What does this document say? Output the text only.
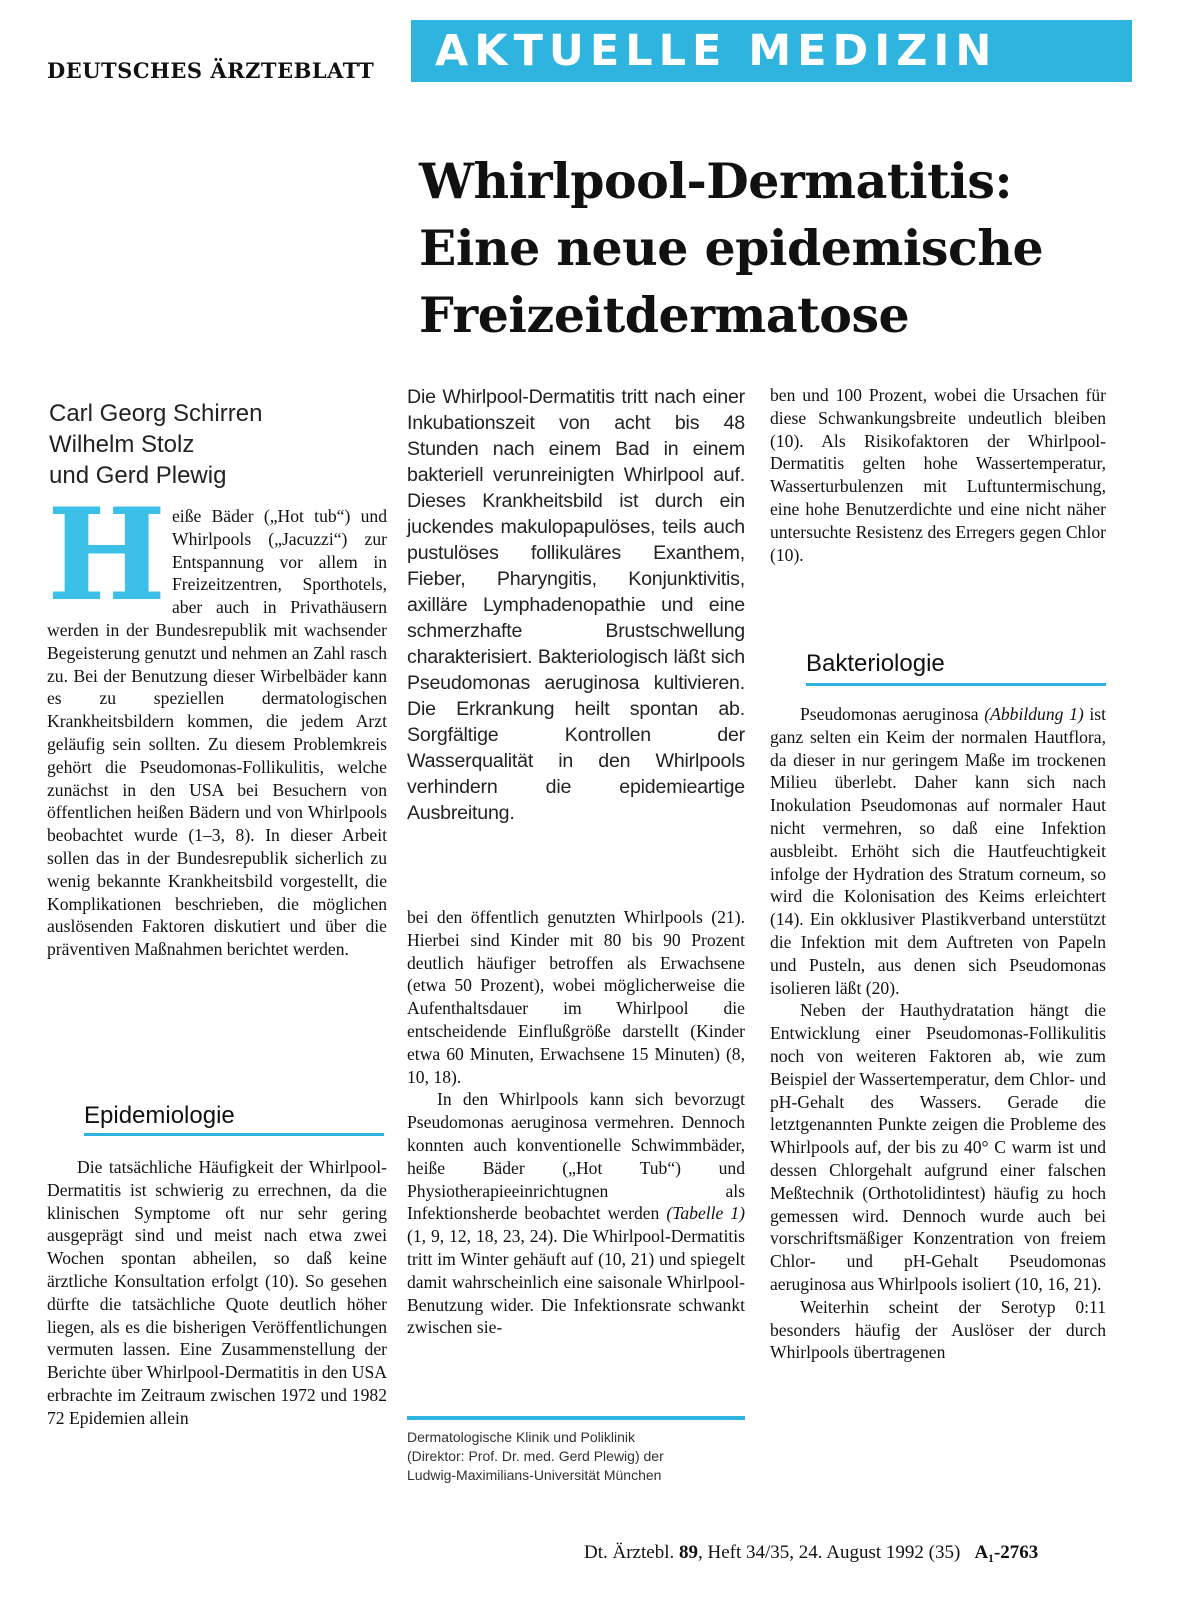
DEUTSCHES ÄRZTEBLATT	AKTUELLE MEDIZIN
Whirlpool-Dermatitis:
Eine neue epidemische
Freizeitdermatose
Carl Georg Schirren
Wilhelm Stolz
und Gerd Plewig
H eiße Bäder („Hot tub“) und Whirlpools („Jacuzzi“) zur Entspannung vor allem in Freizeitzentren, Sporthotels, aber auch in Privathäusern werden in der Bundesrepublik mit wachsender Begeisterung genutzt und nehmen an Zahl rasch zu. Bei der Benutzung dieser Wirbelbäder kann es zu speziellen dermatologischen Krankheitsbildern kommen, die jedem Arzt geläufig sein sollten. Zu diesem Problemkreis gehört die Pseudomonas-Follikulitis, welche zunächst in den USA bei Besuchern von öffentlichen heißen Bädern und von Whirlpools beobachtet wurde (1–3, 8). In dieser Arbeit sollen das in der Bundesrepublik sicherlich zu wenig bekannte Krankheitsbild vorgestellt, die Komplikationen beschrieben, die möglichen auslösenden Faktoren diskutiert und über die präventiven Maßnahmen berichtet werden.
Epidemiologie

Die tatsächliche Häufigkeit der Whirlpool-Dermatitis ist schwierig zu errechnen, da die klinischen Symptome oft nur sehr gering ausgeprägt sind und meist nach etwa zwei Wochen spontan abheilen, so daß keine ärztliche Konsultation erfolgt (10). So gesehen dürfte die tatsächliche Quote deutlich höher liegen, als es die bisherigen Veröffentlichungen vermuten lassen. Eine Zusammenstellung der Berichte über Whirlpool-Dermatitis in den USA erbrachte im Zeitraum zwischen 1972 und 1982 72 Epidemien allein

Die Whirlpool-Dermatitis tritt nach einer Inkubationszeit von acht bis 48 Stunden nach einem Bad in einem bakteriell verunreinigten Whirlpool auf. Dieses Krankheitsbild ist durch ein juckendes makulopapulöses, teils auch pustulöses follikuläres Exanthem, Fieber, Pharyngitis, Konjunktivitis, axilläre Lymphadenopathie und eine schmerzhafte Brustschwellung charakterisiert. Bakteriologisch läßt sich Pseudomonas aeruginosa kultivieren. Die Erkrankung heilt spontan ab. Sorgfältige Kontrollen der Wasserqualität in den Whirlpools verhindern die epidemieartige Ausbreitung.

bei den öffentlich genutzten Whirlpools (21). Hierbei sind Kinder mit 80 bis 90 Prozent deutlich häufiger betroffen als Erwachsene (etwa 50 Prozent), wobei möglicherweise die Aufenthaltsdauer im Whirlpool die entscheidende Einflußgröße darstellt (Kinder etwa 60 Minuten, Erwachsene 15 Minuten) (8, 10, 18).

In den Whirlpools kann sich bevorzugt Pseudomonas aeruginosa vermehren. Dennoch konnten auch konventionelle Schwimmbäder, heiße Bäder („Hot Tub“) und Physiotherapieeinrichtugnen als Infektionsherde beobachtet werden (Tabelle 1) (1, 9, 12, 18, 23, 24). Die Whirlpool-Dermatitis tritt im Winter gehäuft auf (10, 21) und spiegelt damit wahrscheinlich eine saisonale Whirlpool-Benutzung wider. Die Infektionsrate schwankt zwischen sie-

Dermatologische Klinik und Poliklinik
(Direktor: Prof. Dr. med. Gerd Plewig) der
Ludwig-Maximilians-Universität München

ben und 100 Prozent, wobei die Ursachen für diese Schwankungsbreite undeutlich bleiben (10). Als Risikofaktoren der Whirlpool-Dermatitis gelten hohe Wassertemperatur, Wasserturbulenzen mit Luftuntermischung, eine hohe Benutzerdichte und eine nicht näher untersuchte Resistenz des Erregers gegen Chlor (10).

Bakteriologie

Pseudomonas aeruginosa (Abbildung 1) ist ganz selten ein Keim der normalen Hautflora, da dieser in nur geringem Maße im trockenen Milieu überlebt. Daher kann sich nach Inokulation Pseudomonas auf normaler Haut nicht vermehren, so daß eine Infektion ausbleibt. Erhöht sich die Hautfeuchtigkeit infolge der Hydration des Stratum corneum, so wird die Kolonisation des Keims erleichtert (14). Ein okklusiver Plastikverband unterstützt die Infektion mit dem Auftreten von Papeln und Pusteln, aus denen sich Pseudomonas isolieren läßt (20).

Neben der Hauthydratation hängt die Entwicklung einer Pseudomonas-Follikulitis noch von weiteren Faktoren ab, wie zum Beispiel der Wassertemperatur, dem Chlor- und pH-Gehalt des Wassers. Gerade die letztgenannten Punkte zeigen die Probleme des Whirlpools auf, der bis zu 40° C warm ist und dessen Chlorgehalt aufgrund einer falschen Meßtechnik (Orthotolidintest) häufig zu hoch gemessen wird. Dennoch wurde auch bei vorschriftsmäßiger Konzentration von freiem Chlor- und pH-Gehalt Pseudomonas aeruginosa aus Whirlpools isoliert (10, 16, 21).

Weiterhin scheint der Serotyp 0:11 besonders häufig der Auslöser der durch Whirlpools übertragenen

Dt. Ärztebl. 89, Heft 34/35, 24. August 1992 (35) A₁-2763
